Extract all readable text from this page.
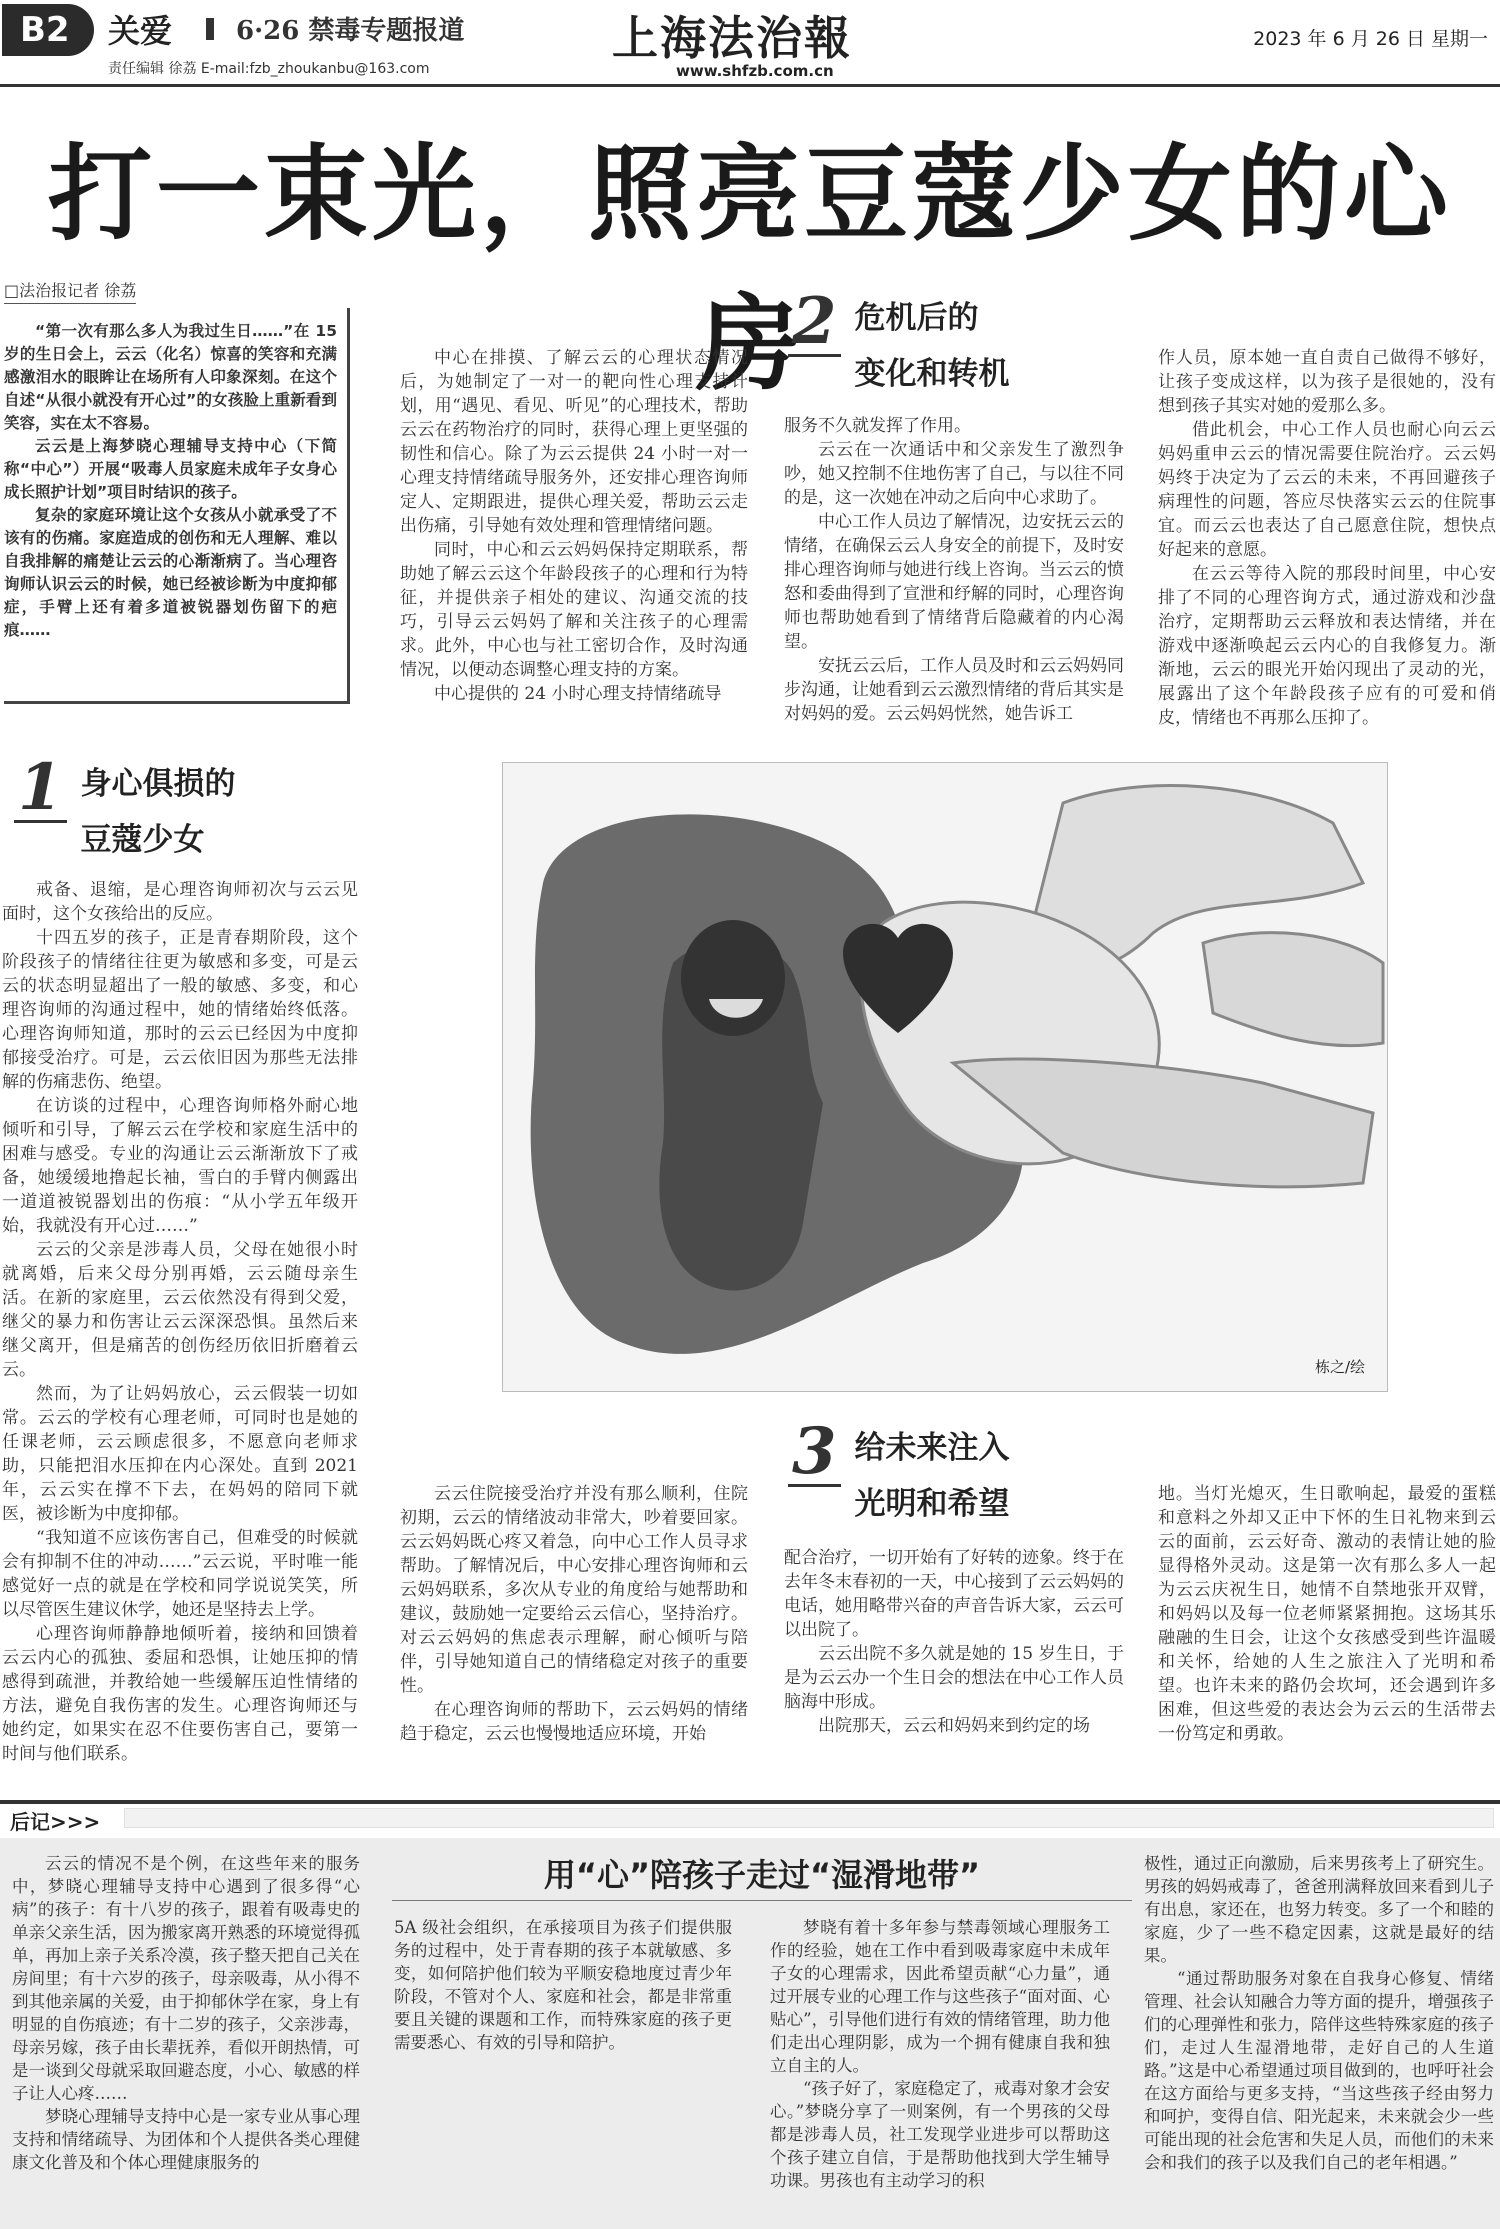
B2	关爱 6·26 禁毒专题报道
责任编辑 徐荔 E-mail:fzb_zhoukanbu@163.com
上海法治報
www.shfzb.com.cn
2023 年 6 月 26 日 星期一
打一束光，照亮豆蔻少女的心房
□法治报记者 徐荔

“第一次有那么多人为我过生日……”在 15 岁的生日会上，云云（化名）惊喜的笑容和充满感激泪水的眼眸让在场所有人印象深刻。在这个自述“从很小就没有开心过”的女孩脸上重新看到笑容，实在太不容易。

云云是上海梦晓心理辅导支持中心（下简称“中心”）开展“吸毒人员家庭未成年子女身心成长照护计划”项目时结识的孩子。

复杂的家庭环境让这个女孩从小就承受了不该有的伤痛。家庭造成的创伤和无人理解、难以自我排解的痛楚让云云的心渐渐病了。当心理咨询师认识云云的时候，她已经被诊断为中度抑郁症，手臂上还有着多道被锐器划伤留下的疤痕……

中心在排摸、了解云云的心理状态情况后，为她制定了一对一的靶向性心理支持计划，用“遇见、看见、听见”的心理技术，帮助云云在药物治疗的同时，获得心理上更坚强的韧性和信心。除了为云云提供 24 小时一对一心理支持情绪疏导服务外，还安排心理咨询师定人、定期跟进，提供心理关爱，帮助云云走出伤痛，引导她有效处理和管理情绪问题。

同时，中心和云云妈妈保持定期联系，帮助她了解云云这个年龄段孩子的心理和行为特征，并提供亲子相处的建议、沟通交流的技巧，引导云云妈妈了解和关注孩子的心理需求。此外，中心也与社工密切合作，及时沟通情况，以便动态调整心理支持的方案。

中心提供的 24 小时心理支持情绪疏导

2 危机后的
变化和转机

服务不久就发挥了作用。

云云在一次通话中和父亲发生了激烈争吵，她又控制不住地伤害了自己，与以往不同的是，这一次她在冲动之后向中心求助了。

中心工作人员边了解情况，边安抚云云的情绪，在确保云云人身安全的前提下，及时安排心理咨询师与她进行线上咨询。当云云的愤怒和委曲得到了宣泄和纾解的同时，心理咨询师也帮助她看到了情绪背后隐藏着的内心渴望。

安抚云云后，工作人员及时和云云妈妈同步沟通，让她看到云云激烈情绪的背后其实是对妈妈的爱。云云妈妈恍然，她告诉工

作人员，原本她一直自责自己做得不够好，让孩子变成这样，以为孩子是很她的，没有想到孩子其实对她的爱那么多。

借此机会，中心工作人员也耐心向云云妈妈重申云云的情况需要住院治疗。云云妈妈终于决定为了云云的未来，不再回避孩子病理性的问题，答应尽快落实云云的住院事宜。而云云也表达了自己愿意住院，想快点好起来的意愿。

在云云等待入院的那段时间里，中心安排了不同的心理咨询方式，通过游戏和沙盘治疗，定期帮助云云释放和表达情绪，并在游戏中逐渐唤起云云内心的自我修复力。渐渐地，云云的眼光开始闪现出了灵动的光，展露出了这个年龄段孩子应有的可爱和俏皮，情绪也不再那么压抑了。

1 身心俱损的
豆蔻少女

戒备、退缩，是心理咨询师初次与云云见面时，这个女孩给出的反应。

十四五岁的孩子，正是青春期阶段，这个阶段孩子的情绪往往更为敏感和多变，可是云云的状态明显超出了一般的敏感、多变，和心理咨询师的沟通过程中，她的情绪始终低落。心理咨询师知道，那时的云云已经因为中度抑郁接受治疗。可是，云云依旧因为那些无法排解的伤痛悲伤、绝望。

在访谈的过程中，心理咨询师格外耐心地倾听和引导，了解云云在学校和家庭生活中的困难与感受。专业的沟通让云云渐渐放下了戒备，她缓缓地撸起长袖，雪白的手臂内侧露出一道道被锐器划出的伤痕：“从小学五年级开始，我就没有开心过……”

云云的父亲是涉毒人员，父母在她很小时就离婚，后来父母分别再婚，云云随母亲生活。在新的家庭里，云云依然没有得到父爱，继父的暴力和伤害让云云深深恐惧。虽然后来继父离开，但是痛苦的创伤经历依旧折磨着云云。

然而，为了让妈妈放心，云云假装一切如常。云云的学校有心理老师，可同时也是她的任课老师，云云顾虑很多，不愿意向老师求助，只能把泪水压抑在内心深处。直到 2021 年，云云实在撑不下去，在妈妈的陪同下就医，被诊断为中度抑郁。

“我知道不应该伤害自己，但难受的时候就会有抑制不住的冲动……”云云说，平时唯一能感觉好一点的就是在学校和同学说说笑笑，所以尽管医生建议休学，她还是坚持去上学。

心理咨询师静静地倾听着，接纳和回馈着云云内心的孤独、委屈和恐惧，让她压抑的情感得到疏泄，并教给她一些缓解压迫性情绪的方法，避免自我伤害的发生。心理咨询师还与她约定，如果实在忍不住要伤害自己，要第一时间与他们联系。

栋之/绘

云云住院接受治疗并没有那么顺利，住院初期，云云的情绪波动非常大，吵着要回家。云云妈妈既心疼又着急，向中心工作人员寻求帮助。了解情况后，中心安排心理咨询师和云云妈妈联系，多次从专业的角度给与她帮助和建议，鼓励她一定要给云云信心，坚持治疗。对云云妈妈的焦虑表示理解，耐心倾听与陪伴，引导她知道自己的情绪稳定对孩子的重要性。

在心理咨询师的帮助下，云云妈妈的情绪趋于稳定，云云也慢慢地适应环境，开始

3 给未来注入
光明和希望

配合治疗，一切开始有了好转的迹象。终于在去年冬末春初的一天，中心接到了云云妈妈的电话，她用略带兴奋的声音告诉大家，云云可以出院了。

云云出院不多久就是她的 15 岁生日，于是为云云办一个生日会的想法在中心工作人员脑海中形成。

出院那天，云云和妈妈来到约定的场

地。当灯光熄灭，生日歌响起，最爱的蛋糕和意料之外却又正中下怀的生日礼物来到云云的面前，云云好奇、激动的表情让她的脸显得格外灵动。这是第一次有那么多人一起为云云庆祝生日，她情不自禁地张开双臂，和妈妈以及每一位老师紧紧拥抱。这场其乐融融的生日会，让这个女孩感受到些许温暖和关怀，给她的人生之旅注入了光明和希望。也许未来的路仍会坎坷，还会遇到许多困难，但这些爱的表达会为云云的生活带去一份笃定和勇敢。

后记>>>
用“心”陪孩子走过“湿滑地带”

云云的情况不是个例，在这些年来的服务中，梦晓心理辅导支持中心遇到了很多得“心病”的孩子：有十八岁的孩子，跟着有吸毒史的单亲父亲生活，因为搬家离开熟悉的环境觉得孤单，再加上亲子关系冷漠，孩子整天把自己关在房间里；有十六岁的孩子，母亲吸毒，从小得不到其他亲属的关爱，由于抑郁休学在家，身上有明显的自伤痕迹；有十二岁的孩子，父亲涉毒，母亲另嫁，孩子由长辈抚养，看似开朗热情，可是一谈到父母就采取回避态度，小心、敏感的样子让人心疼……

梦晓心理辅导支持中心是一家专业从事心理支持和情绪疏导、为团体和个人提供各类心理健康文化普及和个体心理健康服务的

5A 级社会组织，在承接项目为孩子们提供服务的过程中，处于青春期的孩子本就敏感、多变，如何陪护他们较为平顺安稳地度过青少年阶段，不管对个人、家庭和社会，都是非常重要且关键的课题和工作，而特殊家庭的孩子更需要悉心、有效的引导和陪护。

梦晓有着十多年参与禁毒领域心理服务工作的经验，她在工作中看到吸毒家庭中未成年子女的心理需求，因此希望贡献“心力量”，通过开展专业的心理工作与这些孩子“面对面、心贴心”，引导他们进行有效的情绪管理，助力他们走出心理阴影，成为一个拥有健康自我和独立自主的人。

“孩子好了，家庭稳定了，戒毒对象才会安心。”梦晓分享了一则案例，有一个男孩的父母都是涉毒人员，社工发现学业进步可以帮助这个孩子建立自信，于是帮助他找到大学生辅导功课。男孩也有主动学习的积

极性，通过正向激励，后来男孩考上了研究生。男孩的妈妈戒毒了，爸爸刑满释放回来看到儿子有出息，家还在，也努力转变。多了一个和睦的家庭，少了一些不稳定因素，这就是最好的结果。

“通过帮助服务对象在自我身心修复、情绪管理、社会认知融合力等方面的提升，增强孩子们的心理弹性和张力，陪伴这些特殊家庭的孩子们，走过人生湿滑地带，走好自己的人生道路。”这是中心希望通过项目做到的，也呼吁社会在这方面给与更多支持，“当这些孩子经由努力和呵护，变得自信、阳光起来，未来就会少一些可能出现的社会危害和失足人员，而他们的未来会和我们的孩子以及我们自己的老年相遇。”
